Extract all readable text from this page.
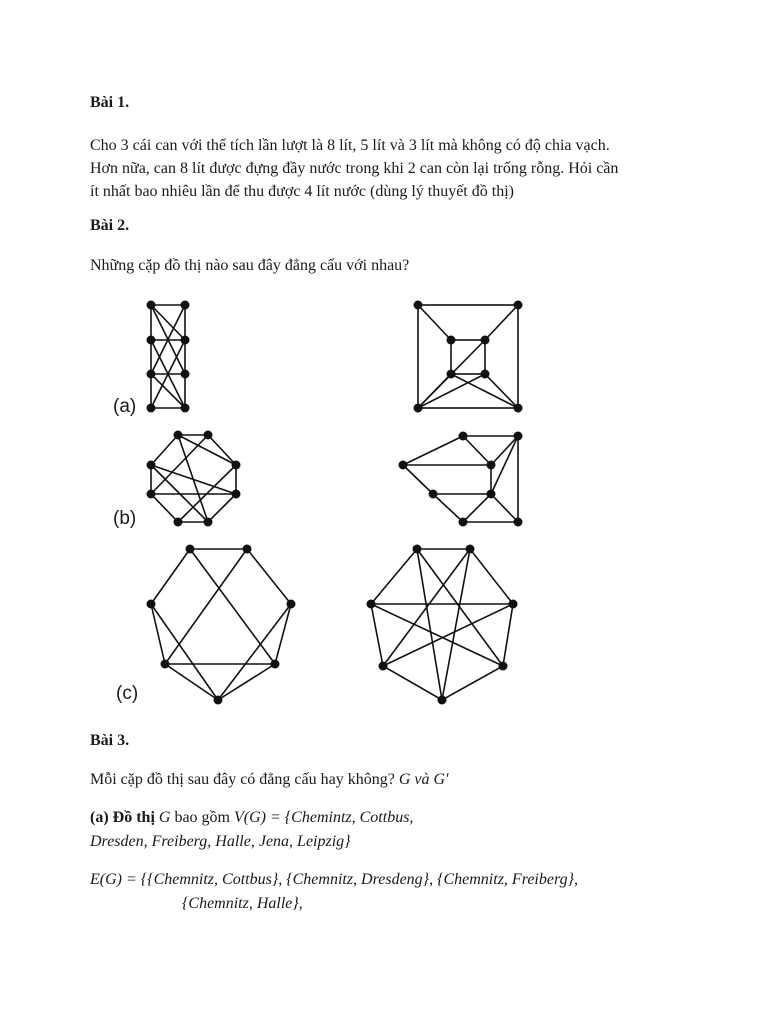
Bài 1.
Cho 3 cái can với thể tích lần lượt là 8 lít, 5 lít và 3 lít mà không có độ chia vạch.
Hơn nữa, can 8 lít được đựng đầy nước trong khi 2 can còn lại trống rỗng. Hỏi cần
ít nhất bao nhiêu lần để thu được 4 lít nước (dùng lý thuyết đồ thị)
Bài 2.
Những cặp đồ thị nào sau đây đẳng cấu với nhau?
(a)
(b)
(c)
Bài 3.
Mỗi cặp đồ thị sau đây có đẳng cấu hay không? G và G′
(a) Đồ thị G bao gồm V(G) = {Chemintz, Cottbus,
Dresden, Freiberg, Halle, Jena, Leipzig}
E(G) = {{Chemnitz, Cottbus}, {Chemnitz, Dresdeng}, {Chemnitz, Freiberg},
{Chemnitz, Halle},
